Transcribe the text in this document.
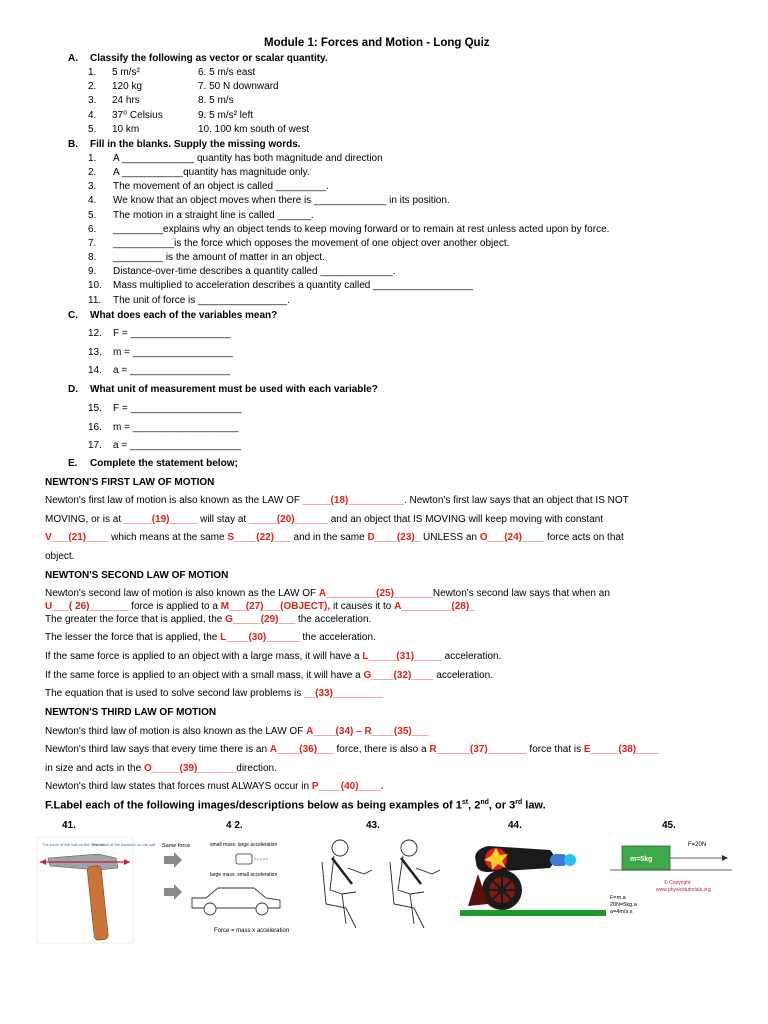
Module 1: Forces and Motion - Long Quiz
A. Classify the following as vector or scalar quantity.
1. 5 m/s²	6. 5 m/s east
2. 120 kg	7. 50 N downward
3. 24 hrs	8. 5 m/s
4. 37⁰ Celsius	9. 5 m/s² left
5. 10 km	10. 100 km south of west
B. Fill in the blanks. Supply the missing words.
1. A _____________ quantity has both magnitude and direction
2. A ___________quantity has magnitude only.
3. The movement of an object is called _________.
4. We know that an object moves when there is _____________ in its position.
5. The motion in a straight line is called ______.
6. _________explains why an object tends to keep moving forward or to remain at rest unless acted upon by force.
7. ___________is the force which opposes the movement of one object over another object.
8. _________ is the amount of matter in an object.
9. Distance-over-time describes a quantity called _____________.
10. Mass multiplied to acceleration describes a quantity called __________________
11. The unit of force is ________________.
C. What does each of the variables mean?
12. F = __________________
13. m = __________________
14. a = __________________
D. What unit of measurement must be used with each variable?
15. F = ____________________
16. m = ___________________
17. a = ____________________
E. Complete the statement below;
NEWTON'S FIRST LAW OF MOTION
Newton's first law of motion is also known as the LAW OF _____(18)__________. Newton's first law says that an object that IS NOT
MOVING, or is at _____(19)_____ will stay at _____(20)______ and an object that IS MOVING will keep moving with constant
V___(21)____ which means at the same S____(22)___ and in the same D____(23)_ UNLESS an O___(24)____ force acts on that
object.
NEWTON'S SECOND LAW OF MOTION
Newton's second law of motion is also known as the LAW OF A_________(25)_______Newton's second law says that when an
U___( 26)_______ force is applied to a M___(27)___(OBJECT), it causes it to A_________(28)_
The greater the force that is applied, the G_____(29)___ the acceleration.
The lesser the force that is applied, the L____(30)______ the acceleration.
If the same force is applied to an object with a large mass, it will have a L_____(31)_____ acceleration.
If the same force is applied to an object with a small mass, it will have a G____(32)____ acceleration.
The equation that is used to solve second law problems is __(33)_________
NEWTON'S THIRD LAW OF MOTION
Newton's third law of motion is also known as the LAW OF A____(34) – R____(35)___
Newton's third law says that every time there is an A____(36)___ force, there is also a R______(37)_______ force that is E_____(38)____
in size and acts in the O_____(39)_______direction.
Newton's third law states that forces must ALWAYS occur in P____(40)____.
F.Label each of the following images/descriptions below as being examples of 1st, 2nd, or 3rd law.
41.	4 2.	43.	44.	45.
The force of the nail on the hammer
The force of the hammer on the nail Same force	small mass: large acceleration
large mass: small acceleration
Force = mass x acceleration
F=20N
m=5kg
© Copyright
www.physicstutorials.org
F=m.a
20N=5kg.a
a=4m/s.s
